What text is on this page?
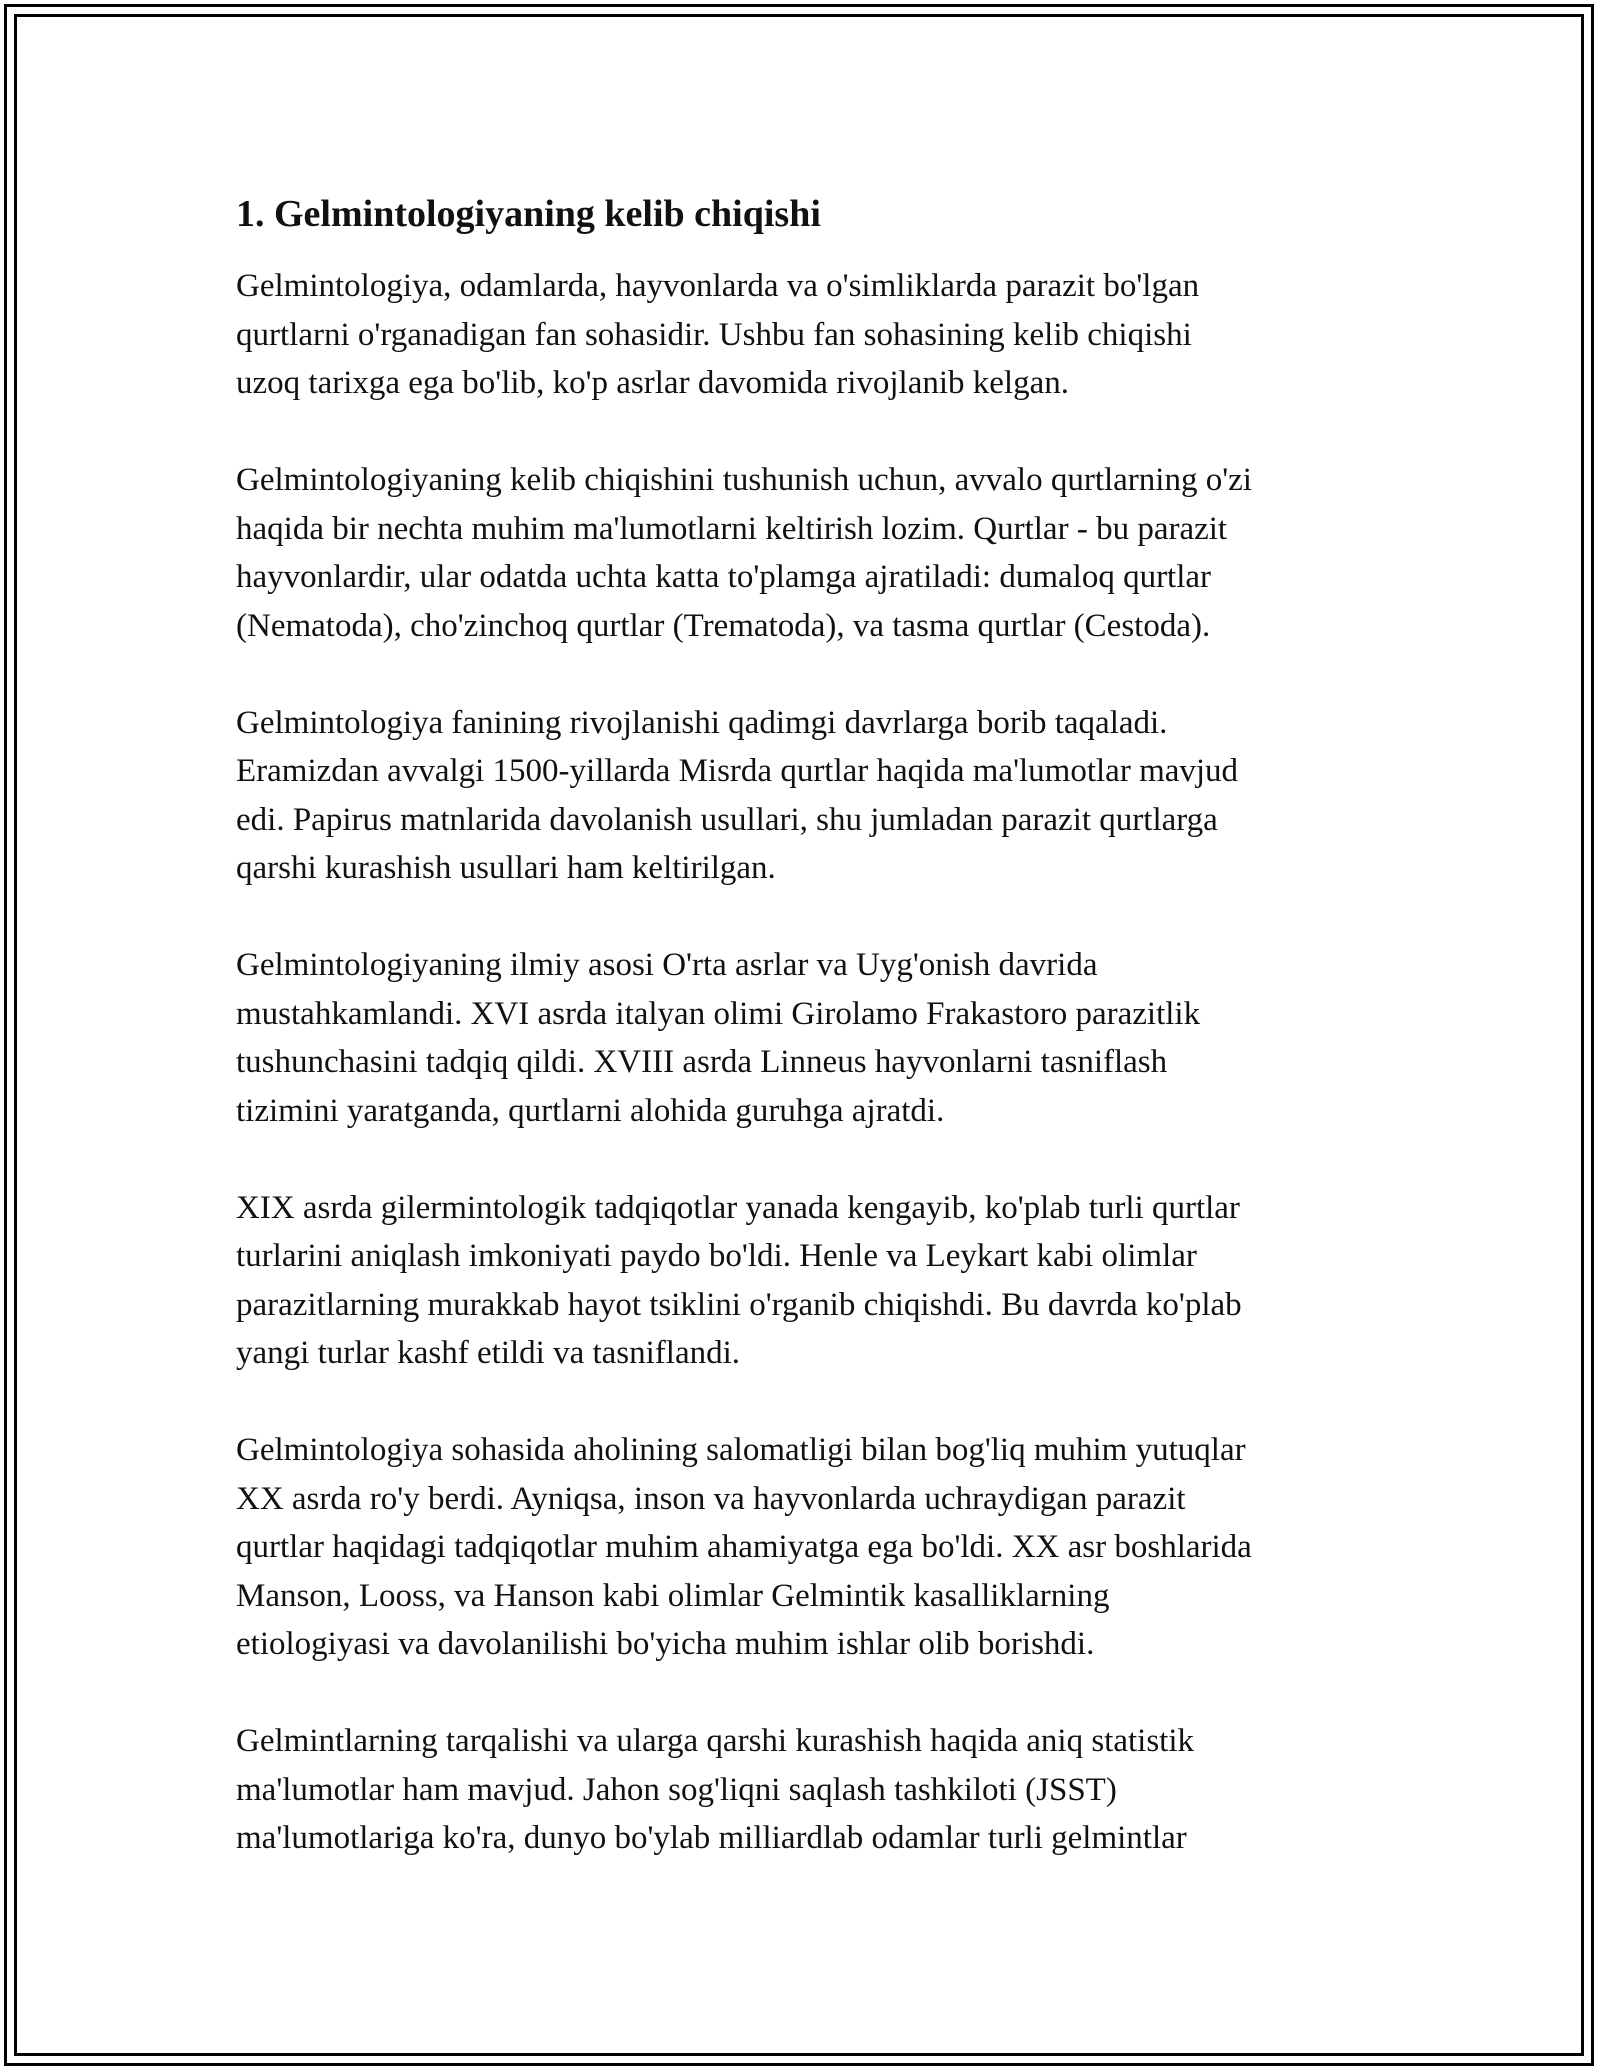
1. Gelmintologiyaning kelib chiqishi

Gelmintologiya, odamlarda, hayvonlarda va o'simliklarda parazit bo'lgan
qurtlarni o'rganadigan fan sohasidir. Ushbu fan sohasining kelib chiqishi
uzoq tarixga ega bo'lib, ko'p asrlar davomida rivojlanib kelgan.

Gelmintologiyaning kelib chiqishini tushunish uchun, avvalo qurtlarning o'zi
haqida bir nechta muhim ma'lumotlarni keltirish lozim. Qurtlar - bu parazit
hayvonlardir, ular odatda uchta katta to'plamga ajratiladi: dumaloq qurtlar
(Nematoda), cho'zinchoq qurtlar (Trematoda), va tasma qurtlar (Cestoda).

Gelmintologiya fanining rivojlanishi qadimgi davrlarga borib taqaladi.
Eramizdan avvalgi 1500-yillarda Misrda qurtlar haqida ma'lumotlar mavjud
edi. Papirus matnlarida davolanish usullari, shu jumladan parazit qurtlarga
qarshi kurashish usullari ham keltirilgan.

Gelmintologiyaning ilmiy asosi O'rta asrlar va Uyg'onish davrida
mustahkamlandi. XVI asrda italyan olimi Girolamo Frakastoro parazitlik
tushunchasini tadqiq qildi. XVIII asrda Linneus hayvonlarni tasniflash
tizimini yaratganda, qurtlarni alohida guruhga ajratdi.

XIX asrda gilermintologik tadqiqotlar yanada kengayib, ko'plab turli qurtlar
turlarini aniqlash imkoniyati paydo bo'ldi. Henle va Leykart kabi olimlar
parazitlarning murakkab hayot tsiklini o'rganib chiqishdi. Bu davrda ko'plab
yangi turlar kashf etildi va tasniflandi.

Gelmintologiya sohasida aholining salomatligi bilan bog'liq muhim yutuqlar
XX asrda ro'y berdi. Ayniqsa, inson va hayvonlarda uchraydigan parazit
qurtlar haqidagi tadqiqotlar muhim ahamiyatga ega bo'ldi. XX asr boshlarida
Manson, Looss, va Hanson kabi olimlar Gelmintik kasalliklarning
etiologiyasi va davolanilishi bo'yicha muhim ishlar olib borishdi.

Gelmintlarning tarqalishi va ularga qarshi kurashish haqida aniq statistik
ma'lumotlar ham mavjud. Jahon sog'liqni saqlash tashkiloti (JSST)
ma'lumotlariga ko'ra, dunyo bo'ylab milliardlab odamlar turli gelmintlar
